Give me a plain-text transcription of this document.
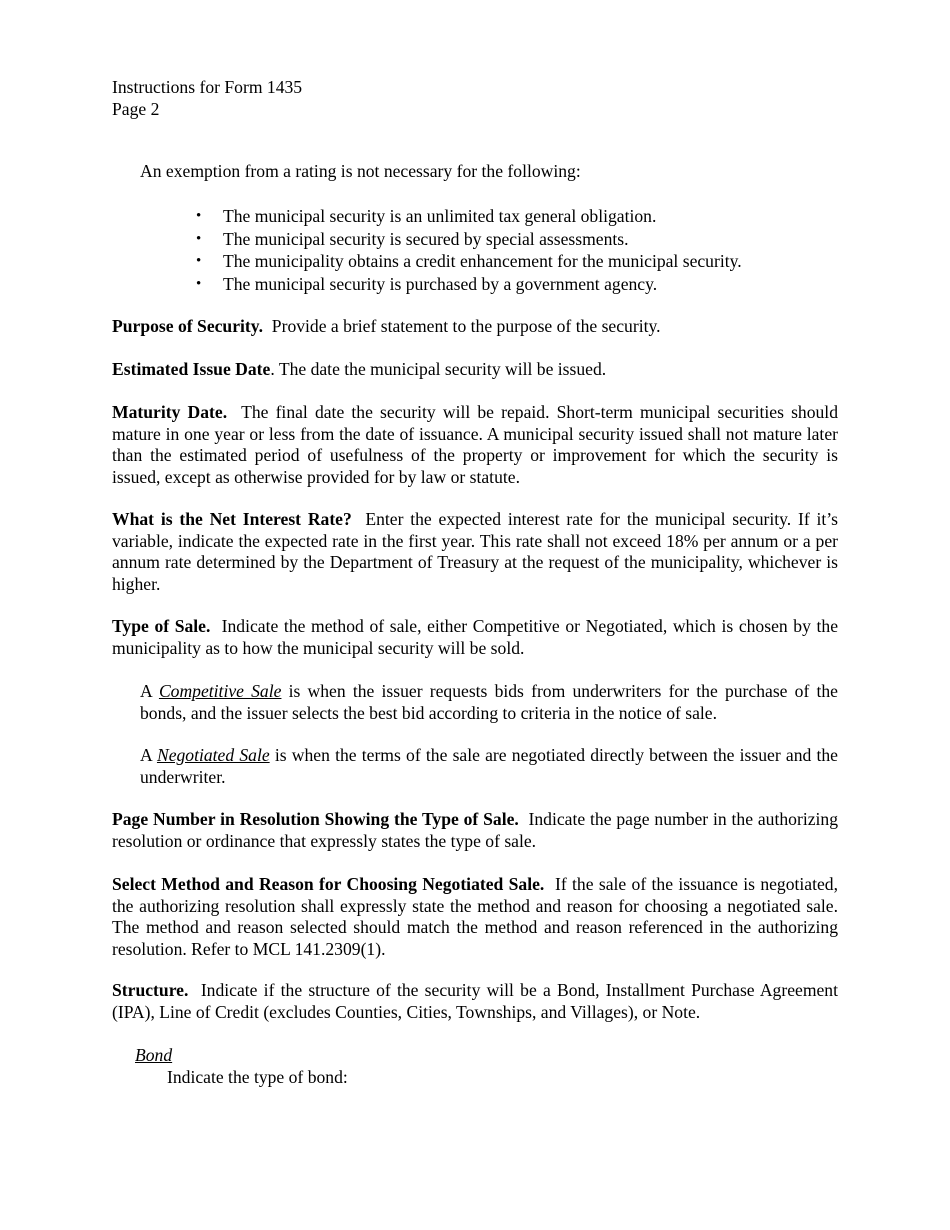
Instructions for Form 1435
Page 2
An exemption from a rating is not necessary for the following:
• The municipal security is an unlimited tax general obligation.
• The municipal security is secured by special assessments.
• The municipality obtains a credit enhancement for the municipal security.
• The municipal security is purchased by a government agency.
Purpose of Security. Provide a brief statement to the purpose of the security.
Estimated Issue Date. The date the municipal security will be issued.
Maturity Date. The final date the security will be repaid. Short-term municipal securities should mature in one year or less from the date of issuance. A municipal security issued shall not mature later than the estimated period of usefulness of the property or improvement for which the security is issued, except as otherwise provided for by law or statute.
What is the Net Interest Rate? Enter the expected interest rate for the municipal security. If it’s variable, indicate the expected rate in the first year. This rate shall not exceed 18% per annum or a per annum rate determined by the Department of Treasury at the request of the municipality, whichever is higher.
Type of Sale. Indicate the method of sale, either Competitive or Negotiated, which is chosen by the municipality as to how the municipal security will be sold.
A Competitive Sale is when the issuer requests bids from underwriters for the purchase of the bonds, and the issuer selects the best bid according to criteria in the notice of sale.
A Negotiated Sale is when the terms of the sale are negotiated directly between the issuer and the underwriter.
Page Number in Resolution Showing the Type of Sale. Indicate the page number in the authorizing resolution or ordinance that expressly states the type of sale.
Select Method and Reason for Choosing Negotiated Sale. If the sale of the issuance is negotiated, the authorizing resolution shall expressly state the method and reason for choosing a negotiated sale. The method and reason selected should match the method and reason referenced in the authorizing resolution. Refer to MCL 141.2309(1).
Structure. Indicate if the structure of the security will be a Bond, Installment Purchase Agreement (IPA), Line of Credit (excludes Counties, Cities, Townships, and Villages), or Note.
Bond
Indicate the type of bond:
